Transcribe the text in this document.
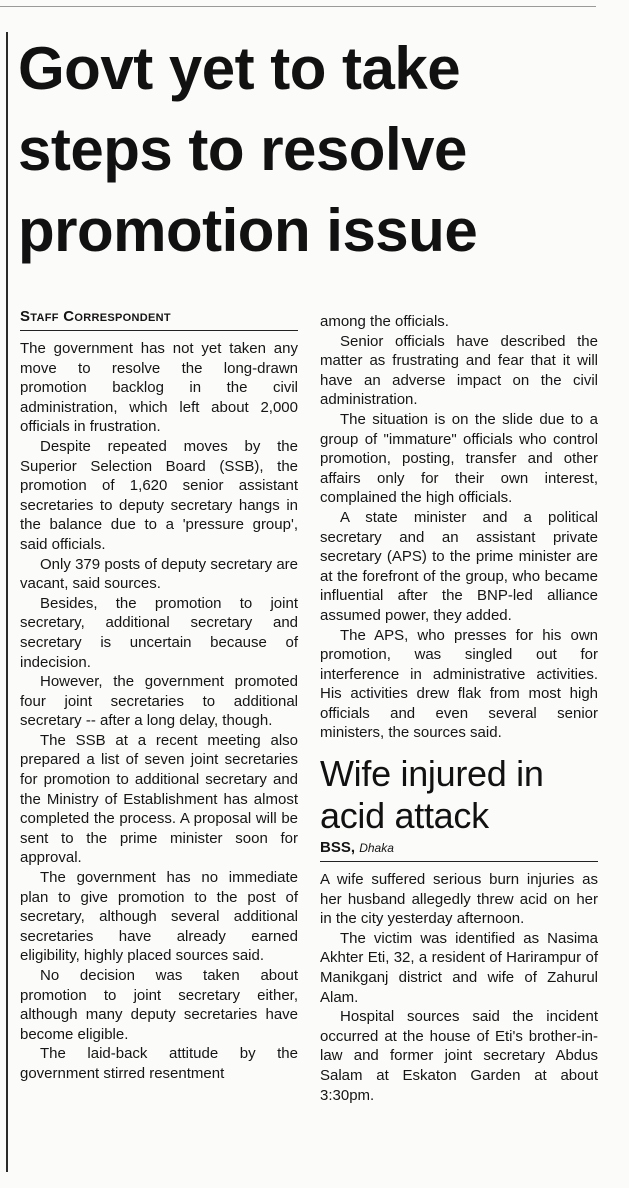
Govt yet to take steps to resolve promotion issue
Staff Correspondent

The government has not yet taken any move to resolve the long-drawn promotion backlog in the civil administration, which left about 2,000 officials in frustration.

Despite repeated moves by the Superior Selection Board (SSB), the promotion of 1,620 senior assistant secretaries to deputy secretary hangs in the balance due to a 'pressure group', said officials.

Only 379 posts of deputy secretary are vacant, said sources.

Besides, the promotion to joint secretary, additional secretary and secretary is uncertain because of indecision.

However, the government promoted four joint secretaries to additional secretary -- after a long delay, though.

The SSB at a recent meeting also prepared a list of seven joint secretaries for promotion to additional secretary and the Ministry of Establishment has almost completed the process. A proposal will be sent to the prime minister soon for approval.

The government has no immediate plan to give promotion to the post of secretary, although several additional secretaries have already earned eligibility, highly placed sources said.

No decision was taken about promotion to joint secretary either, although many deputy secretaries have become eligible.

The laid-back attitude by the government stirred resentment

among the officials.

Senior officials have described the matter as frustrating and fear that it will have an adverse impact on the civil administration.

The situation is on the slide due to a group of "immature" officials who control promotion, posting, transfer and other affairs only for their own interest, complained the high officials.

A state minister and a political secretary and an assistant private secretary (APS) to the prime minister are at the forefront of the group, who became influential after the BNP-led alliance assumed power, they added.

The APS, who presses for his own promotion, was singled out for interference in administrative activities. His activities drew flak from most high officials and even several senior ministers, the sources said.

Wife injured in acid attack
BSS, Dhaka

A wife suffered serious burn injuries as her husband allegedly threw acid on her in the city yesterday afternoon.

The victim was identified as Nasima Akhter Eti, 32, a resident of Harirampur of Manikganj district and wife of Zahurul Alam.

Hospital sources said the incident occurred at the house of Eti's brother-in-law and former joint secretary Abdus Salam at Eskaton Garden at about 3:30pm.
